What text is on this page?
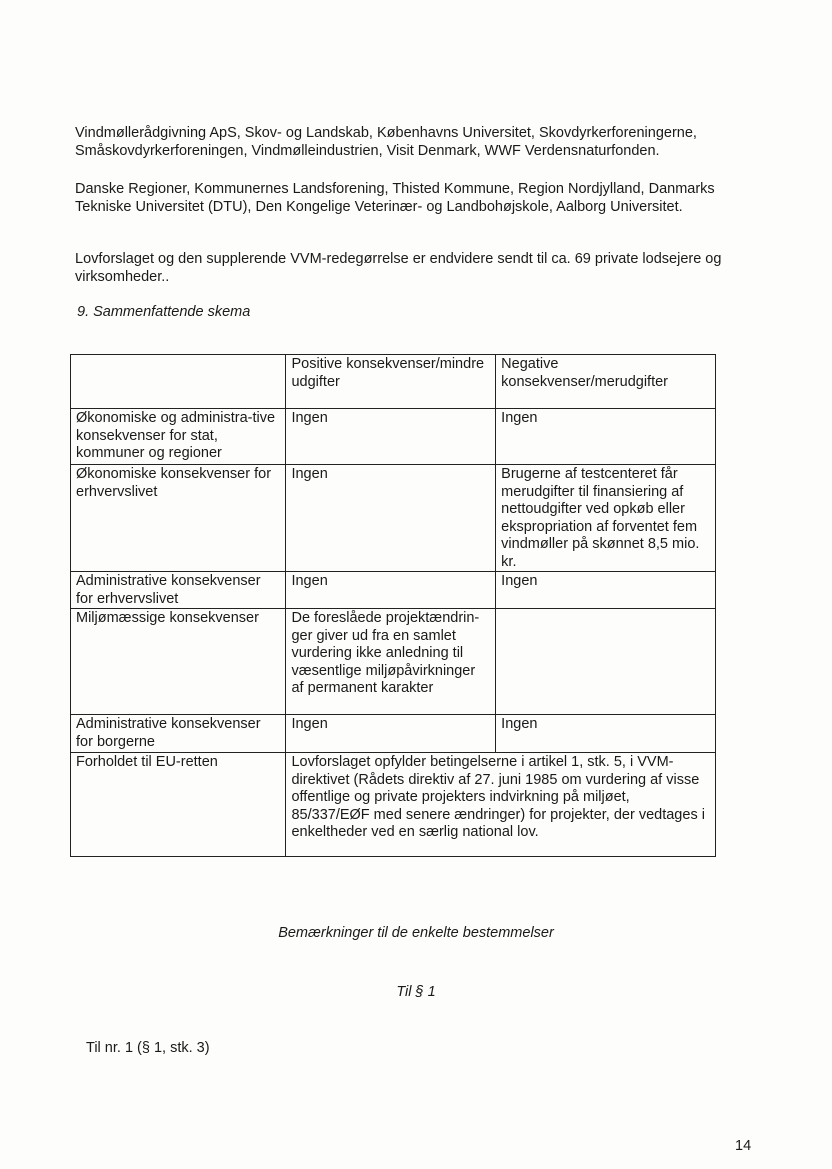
Vindmøllerådgivning ApS, Skov- og Landskab, Københavns Universitet, Skovdyrkerforeningerne, Småskovdyrkerforeningen, Vindmølleindustrien, Visit Denmark, WWF Verdensnaturfonden.

Danske Regioner, Kommunernes Landsforening, Thisted Kommune, Region Nordjylland, Danmarks Tekniske Universitet (DTU), Den Kongelige Veterinær- og Landbohøjskole, Aalborg Universitet.

Lovforslaget og den supplerende VVM-redegørrelse er endvidere sendt til ca. 69 private lodsejere og virksomheder..

9. Sammenfattende skema

	Positive konsekvenser/mindre udgifter	Negative konsekvenser/merudgifter
Økonomiske og administra-tive konsekvenser for stat, kommuner og regioner	Ingen	Ingen
Økonomiske konsekvenser for erhvervslivet	Ingen	Brugerne af testcenteret får merudgifter til finansiering af nettoudgifter ved opkøb eller ekspropriation af forventet fem vindmøller på skønnet 8,5 mio. kr.
Administrative konsekvenser for erhvervslivet	Ingen	Ingen
Miljømæssige konsekvenser	De foreslåede projektændrin-ger giver ud fra en samlet vurdering ikke anledning til væsentlige miljøpåvirkninger af permanent karakter	
Administrative konsekvenser for borgerne	Ingen	Ingen
Forholdet til EU-retten	Lovforslaget opfylder betingelserne i artikel 1, stk. 5, i VVM-direktivet (Rådets direktiv af 27. juni 1985 om vurdering af visse offentlige og private projekters indvirkning på miljøet, 85/337/EØF med senere ændringer) for projekter, der vedtages i enkeltheder ved en særlig national lov.	

Bemærkninger til de enkelte bestemmelser

Til § 1

Til nr. 1 (§ 1, stk. 3)

14
